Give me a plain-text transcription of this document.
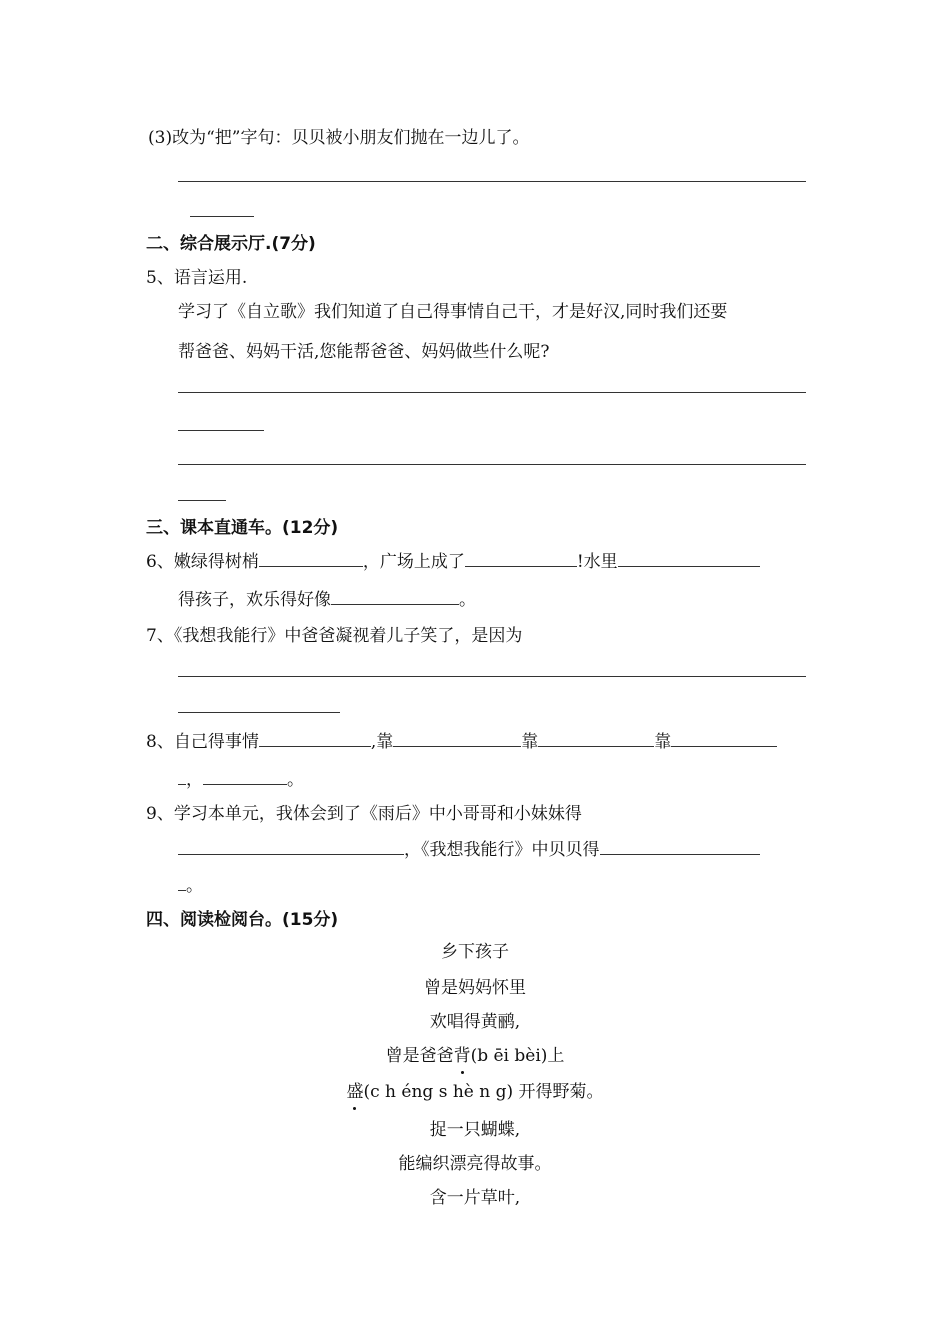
(3)改为“把”字句：贝贝被小朋友们抛在一边儿了。
二、综合展示厅.(7分)
5、语言运用.
学习了《自立歌》我们知道了自己得事情自己干，才是好汉,同时我们还要
帮爸爸、妈妈干活,您能帮爸爸、妈妈做些什么呢?
三、课本直通车。(12分)
6、嫩绿得树梢	，广场上成了	!水里
得孩子，欢乐得好像	。
7、《我想我能行》中爸爸凝视着儿子笑了，是因为
8、自己得事情	,靠	靠	靠
，	。
9、学习本单元，我体会到了《雨后》中小哥哥和小妹妹得
，《我想我能行》中贝贝得
。
四、阅读检阅台。(15分)
乡下孩子
曾是妈妈怀里
欢唱得黄鹂,
曾是爸爸背(b ēi bèi)上
盛(c h éng s hè n g) 开得野菊。
捉一只蝴蝶,
能编织漂亮得故事。
含一片草叶,
